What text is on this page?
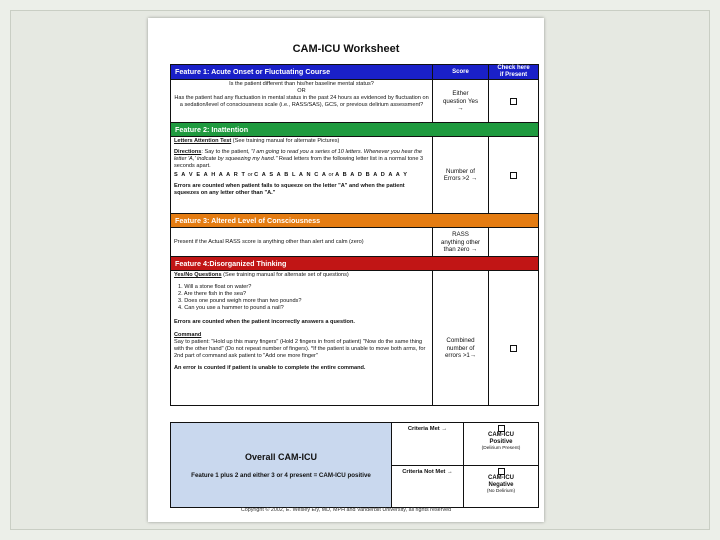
CAM-ICU Worksheet
Feature 1: Acute Onset or Fluctuating Course	Score
Check here
if Present
Is the patient different than his/her baseline mental status?
OR
Has the patient had any fluctuation in mental status in the past 24 hours as evidenced by fluctuation on a sedation/level of consciousness scale (i.e., RASS/SAS), GCS, or previous delirium assessment?
Either
question Yes
→
Feature 2: Inattention
Letters Attention Test (See training manual for alternate Pictures)
Directions: Say to the patient, "I am going to read you a series of 10 letters. Whenever you hear the letter 'A,' indicate by squeezing my hand." Read letters from the following letter list in a normal tone 3 seconds apart.
S A V E A H A A R T or C A S A B L A N C A or A B A D B A D A A Y
Errors are counted when patient fails to squeeze on the letter "A" and when the patient squeezes on any letter other than "A."
Number of
Errors >2 →
Feature 3: Altered Level of Consciousness
Present if the Actual RASS score is anything other than alert and calm (zero)
RASS
anything other
than zero →
Feature 4:Disorganized Thinking
Yes/No Questions (See training manual for alternate set of questions)
1. Will a stone float on water?
2. Are there fish in the sea?
3. Does one pound weigh more than two pounds?
4. Can you use a hammer to pound a nail?
Errors are counted when the patient incorrectly answers a question.
Command
Say to patient: "Hold up this many fingers" (Hold 2 fingers in front of patient) "Now do the same thing with the other hand" (Do not repeat number of fingers). *If the patient is unable to move both arms, for 2nd part of command ask patient to "Add one more finger"
An error is counted if patient is unable to complete the entire command.
Combined
number of
errors >1→
Overall CAM-ICU
Feature 1 plus 2 and either 3 or 4 present = CAM-ICU positive
Criteria Met →
CAM-ICU
Positive
(Delirium Present)
Criteria Not Met →
CAM-ICU
Negative
(No Delirium)
Copyright © 2002, E. Wesley Ely, MD, MPH and Vanderbilt University, all rights reserved
